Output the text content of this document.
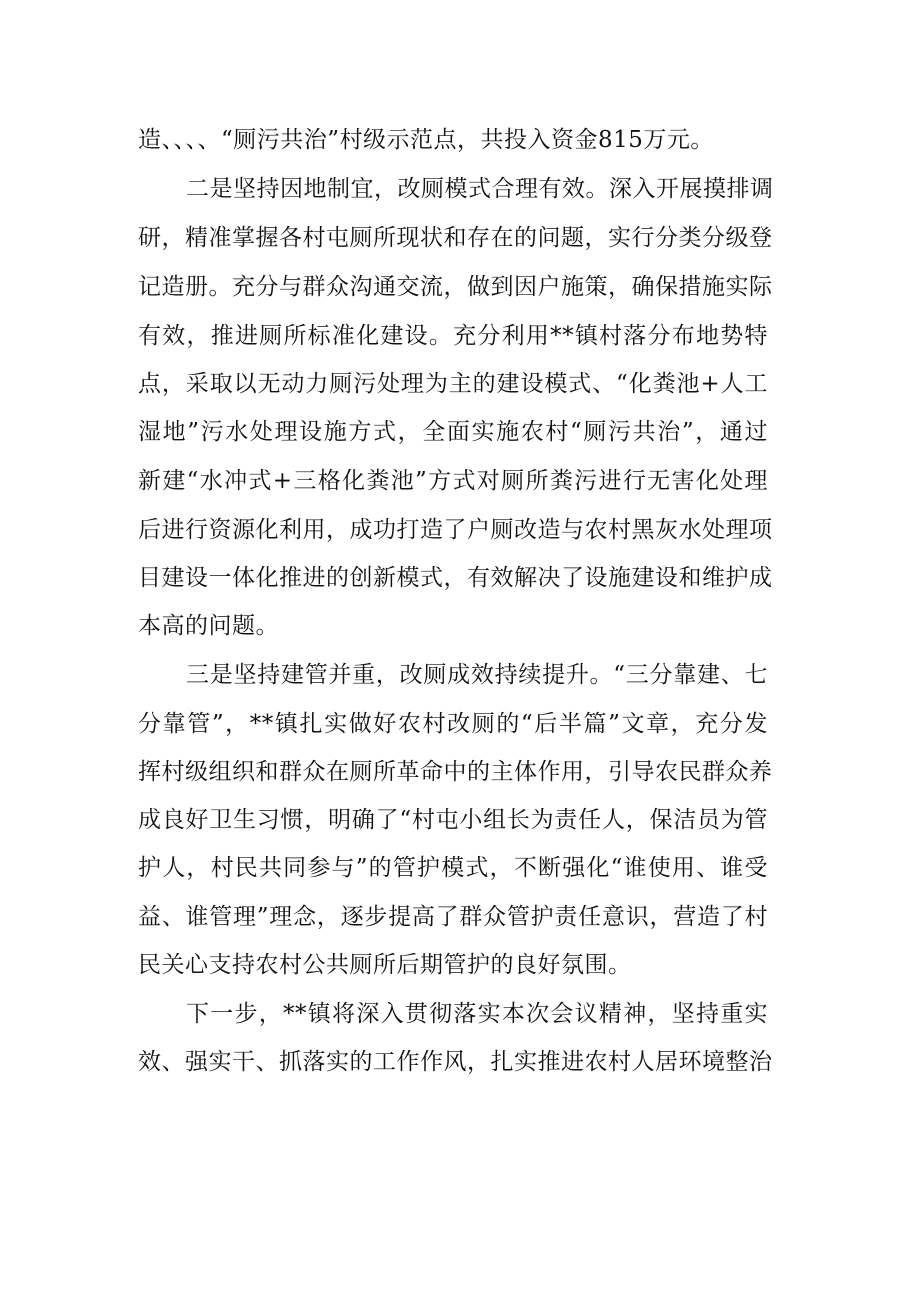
造、、、、“厕污共治”村级示范点，共投入资金815万元。
二是坚持因地制宜，改厕模式合理有效。深入开展摸排调
研，精准掌握各村屯厕所现状和存在的问题，实行分类分级登
记造册。充分与群众沟通交流，做到因户施策，确保措施实际
有效，推进厕所标准化建设。充分利用**镇村落分布地势特
点，采取以无动力厕污处理为主的建设模式、“化粪池+人工
湿地”污水处理设施方式，全面实施农村“厕污共治”，通过
新建“水冲式+三格化粪池”方式对厕所粪污进行无害化处理
后进行资源化利用，成功打造了户厕改造与农村黑灰水处理项
目建设一体化推进的创新模式，有效解决了设施建设和维护成
本高的问题。
三是坚持建管并重，改厕成效持续提升。“三分靠建、七
分靠管”，**镇扎实做好农村改厕的“后半篇”文章，充分发
挥村级组织和群众在厕所革命中的主体作用，引导农民群众养
成良好卫生习惯，明确了“村屯小组长为责任人，保洁员为管
护人，村民共同参与”的管护模式，不断强化“谁使用、谁受
益、谁管理”理念，逐步提高了群众管护责任意识，营造了村
民关心支持农村公共厕所后期管护的良好氛围。
下一步，**镇将深入贯彻落实本次会议精神，坚持重实
效、强实干、抓落实的工作作风，扎实推进农村人居环境整治
